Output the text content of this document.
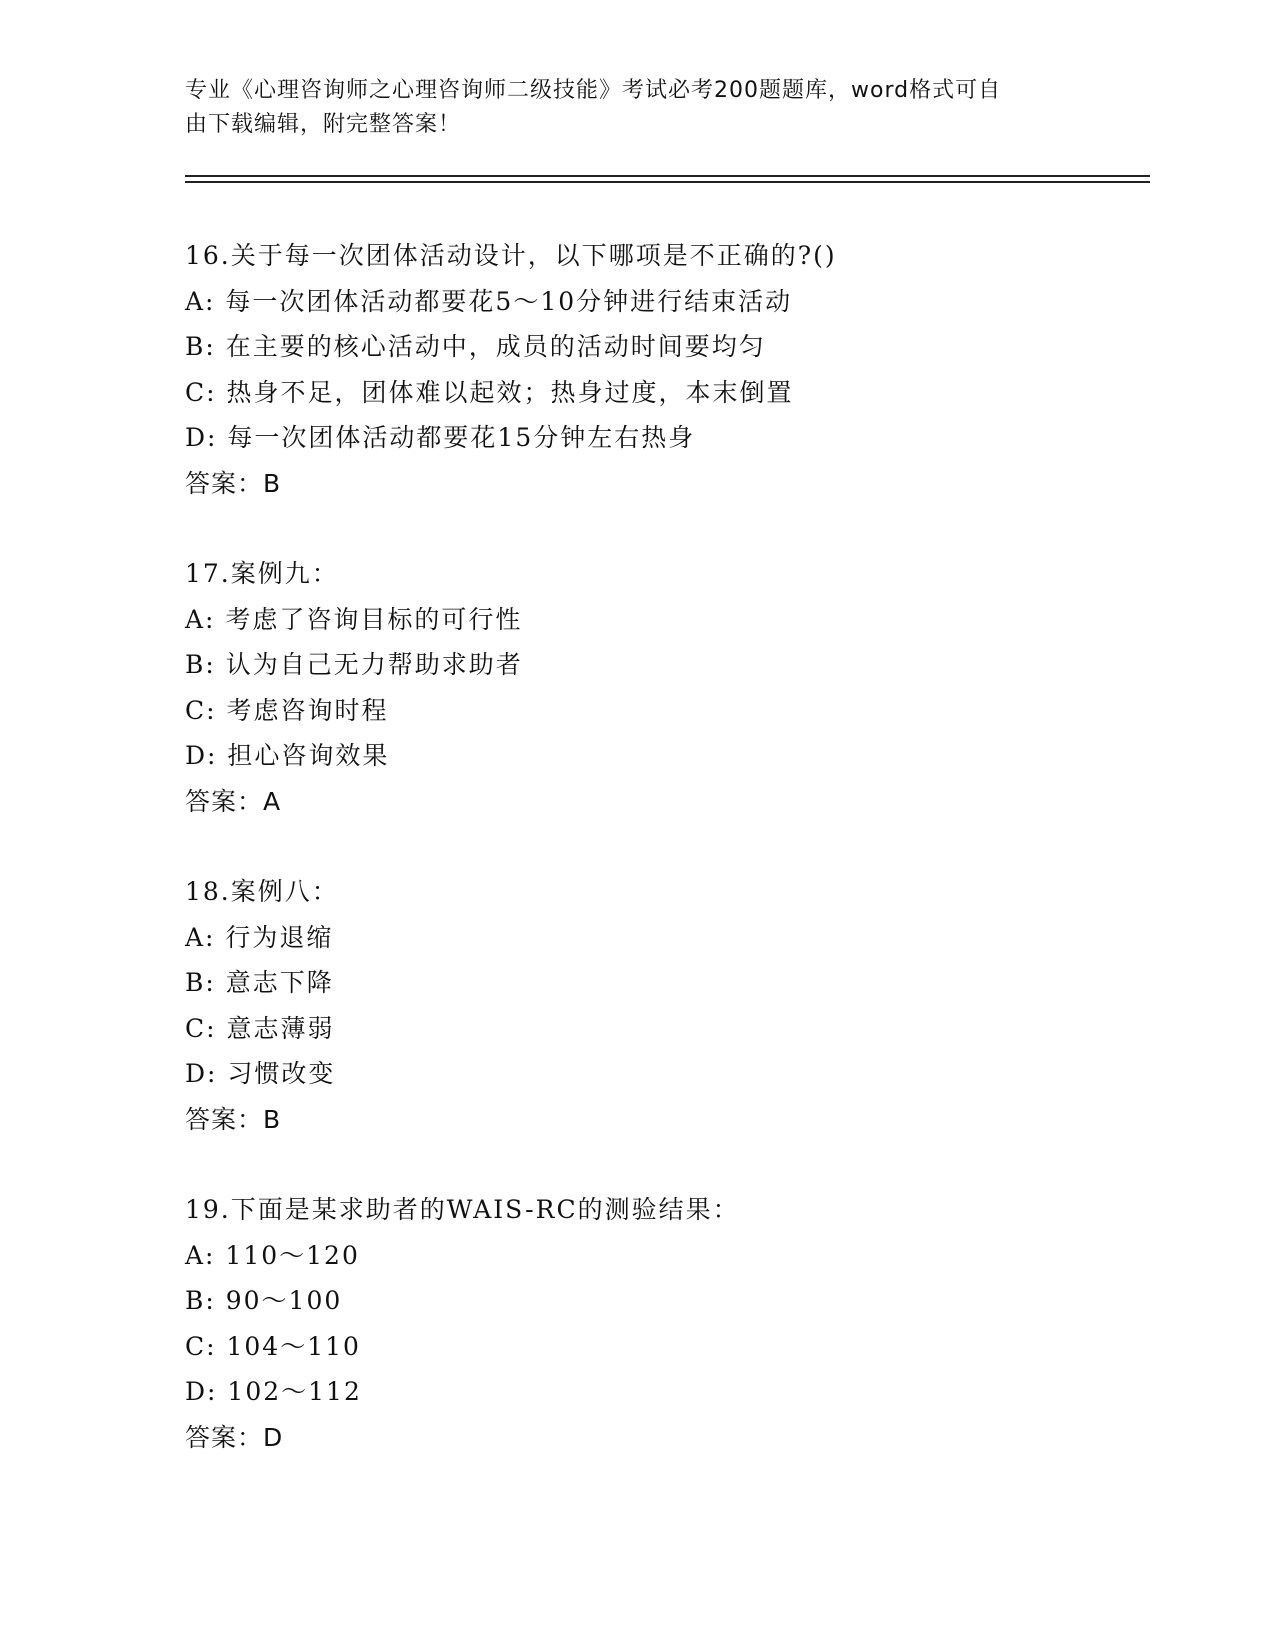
专业《心理咨询师之心理咨询师二级技能》考试必考200题题库，word格式可自
由下载编辑，附完整答案！
16.关于每一次团体活动设计，以下哪项是不正确的?()
A: 每一次团体活动都要花5～10分钟进行结束活动
B: 在主要的核心活动中，成员的活动时间要均匀
C: 热身不足，团体难以起效；热身过度，本末倒置
D: 每一次团体活动都要花15分钟左右热身
答案：B
17.案例九：
A: 考虑了咨询目标的可行性
B: 认为自己无力帮助求助者
C: 考虑咨询时程
D: 担心咨询效果
答案：A
18.案例八：
A: 行为退缩
B: 意志下降
C: 意志薄弱
D: 习惯改变
答案：B
19.下面是某求助者的WAIS-RC的测验结果：
A: 110～120
B: 90～100
C: 104～110
D: 102～112
答案：D
